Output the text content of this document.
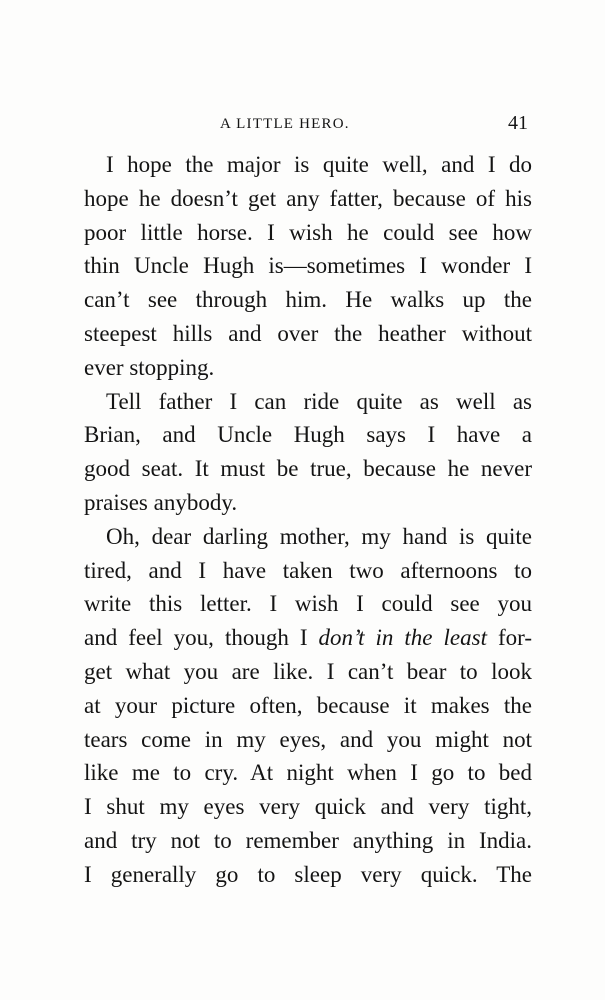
A LITTLE HERO.	41
I hope the major is quite well, and I do
hope he doesn’t get any fatter, because of his
poor little horse. I wish he could see how
thin Uncle Hugh is—sometimes I wonder I
can’t see through him. He walks up the
steepest hills and over the heather without
ever stopping.
Tell father I can ride quite as well as
Brian, and Uncle Hugh says I have a
good seat. It must be true, because he never
praises anybody.
Oh, dear darling mother, my hand is quite
tired, and I have taken two afternoons to
write this letter. I wish I could see you
and feel you, though I don’t in the least for-
get what you are like. I can’t bear to look
at your picture often, because it makes the
tears come in my eyes, and you might not
like me to cry. At night when I go to bed
I shut my eyes very quick and very tight,
and try not to remember anything in India.
I generally go to sleep very quick. The
